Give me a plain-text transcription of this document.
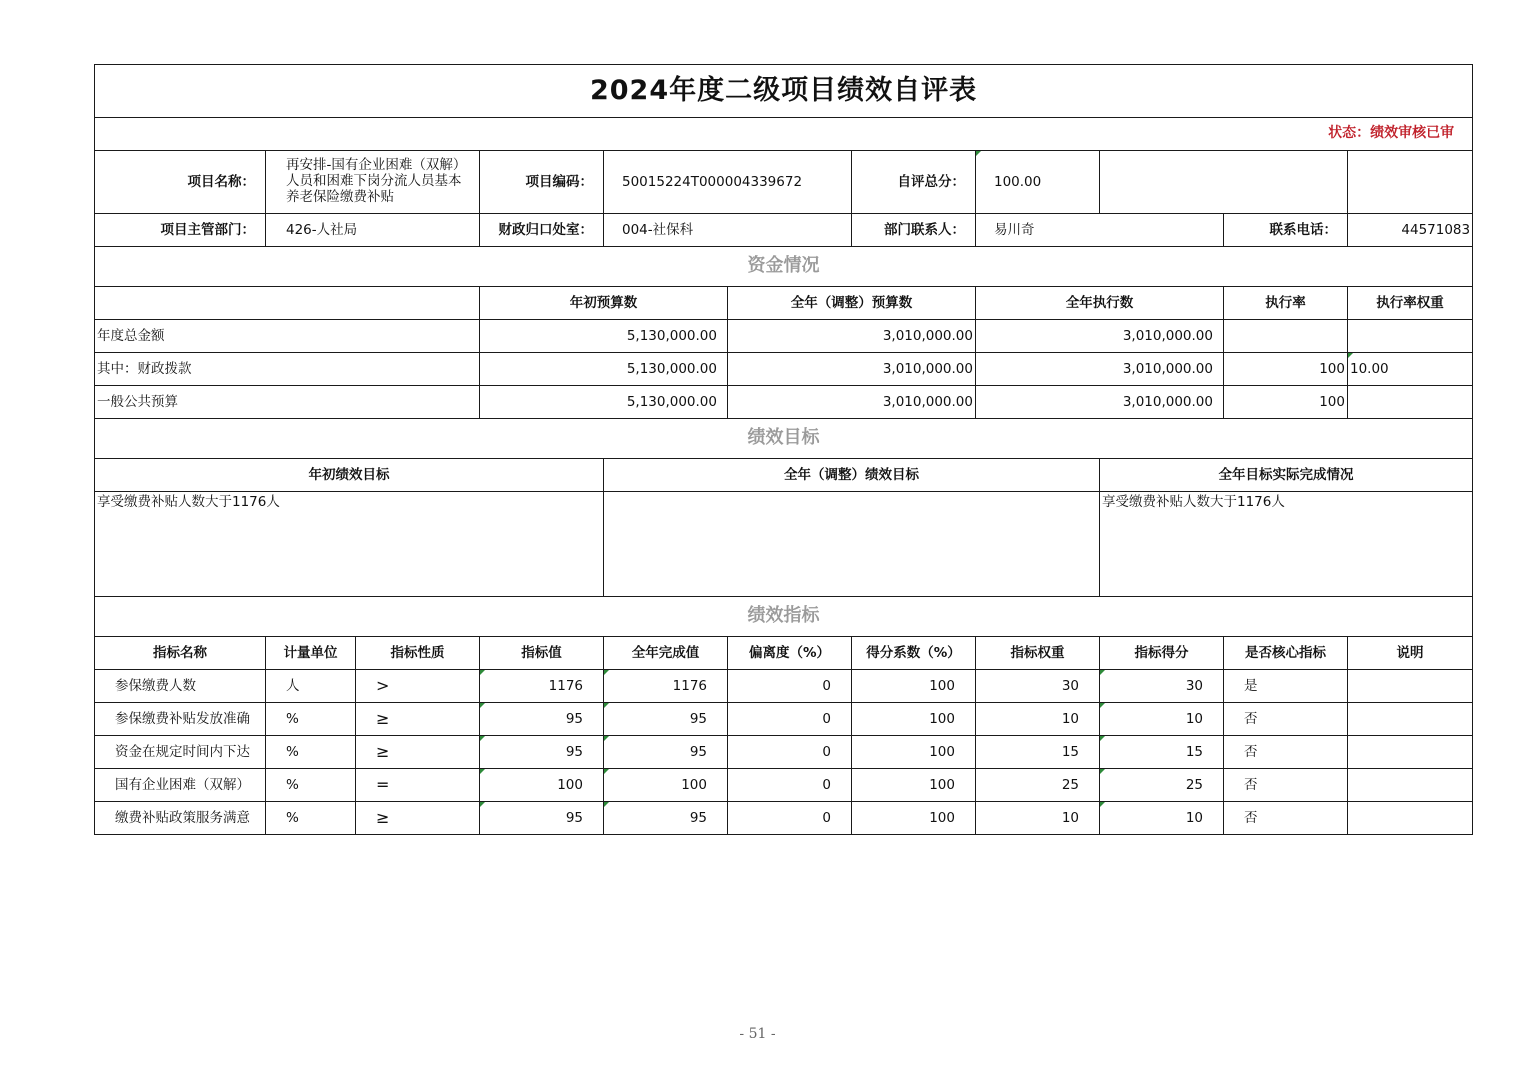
2024年度二级项目绩效自评表											
状态：绩效审核已审											
项目名称：	再安排-国有企业困难（双解）人员和困难下岗分流人员基本养老保险缴费补贴		项目编码：	50015224T000004339672		自评总分：	100.00				
项目主管部门：	426-人社局		财政归口处室：	004-社保科		部门联系人：	易川奇		联系电话：	44571083	
资金情况											
			年初预算数		全年（调整）预算数		全年执行数		执行率	执行率权重	
年度总金额			5,130,000.00		3,010,000.00		3,010,000.00				
其中：财政拨款			5,130,000.00		3,010,000.00		3,010,000.00		100	10.00	
一般公共预算			5,130,000.00		3,010,000.00		3,010,000.00		100		
绩效目标											
年初绩效目标				全年（调整）绩效目标				全年目标实际完成情况			
享受缴费补贴人数大于1176人								享受缴费补贴人数大于1176人			
绩效指标											
指标名称	计量单位	指标性质	指标值	全年完成值	偏离度（%）	得分系数（%）	指标权重	指标得分	是否核心指标	说明	
参保缴费人数	人	>	1176	1176	0	100	30	30	是		
参保缴费补贴发放准确	%	≥	95	95	0	100	10	10	否		
资金在规定时间内下达	%	≥	95	95	0	100	15	15	否		
国有企业困难（双解）	%	=	100	100	0	100	25	25	否		
缴费补贴政策服务满意	%	≥	95	95	0	100	10	10	否		
- 51 -
